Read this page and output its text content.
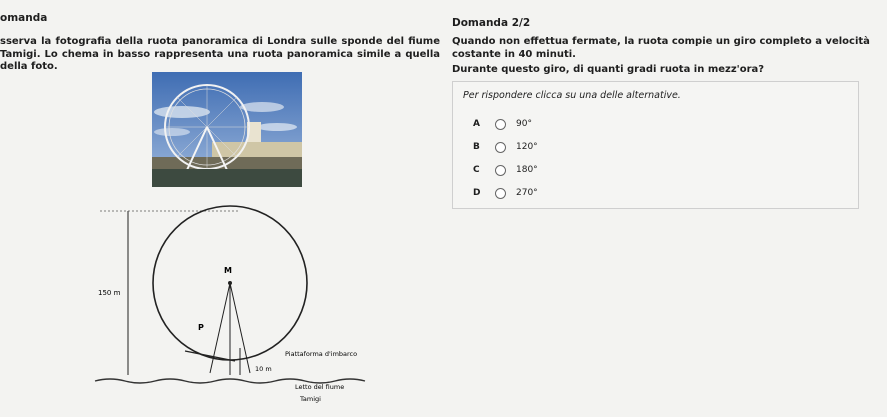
omanda
sserva la fotografia della ruota panoramica di Londra sulle sponde del fiume Tamigi. Lo chema in basso rappresenta una ruota panoramica simile a quella della foto.
Domanda 2/2
Quando non effettua fermate, la ruota compie un giro completo a velocità costante in 40 minuti.
Durante questo giro, di quanti gradi ruota in mezz'ora?
Per rispondere clicca su una delle alternative.
A	90°
B	120°
C	180°
D	270°
M
P
150 m
Piattaforma d'imbarco
10 m
Letto del fiume
Tamigi
